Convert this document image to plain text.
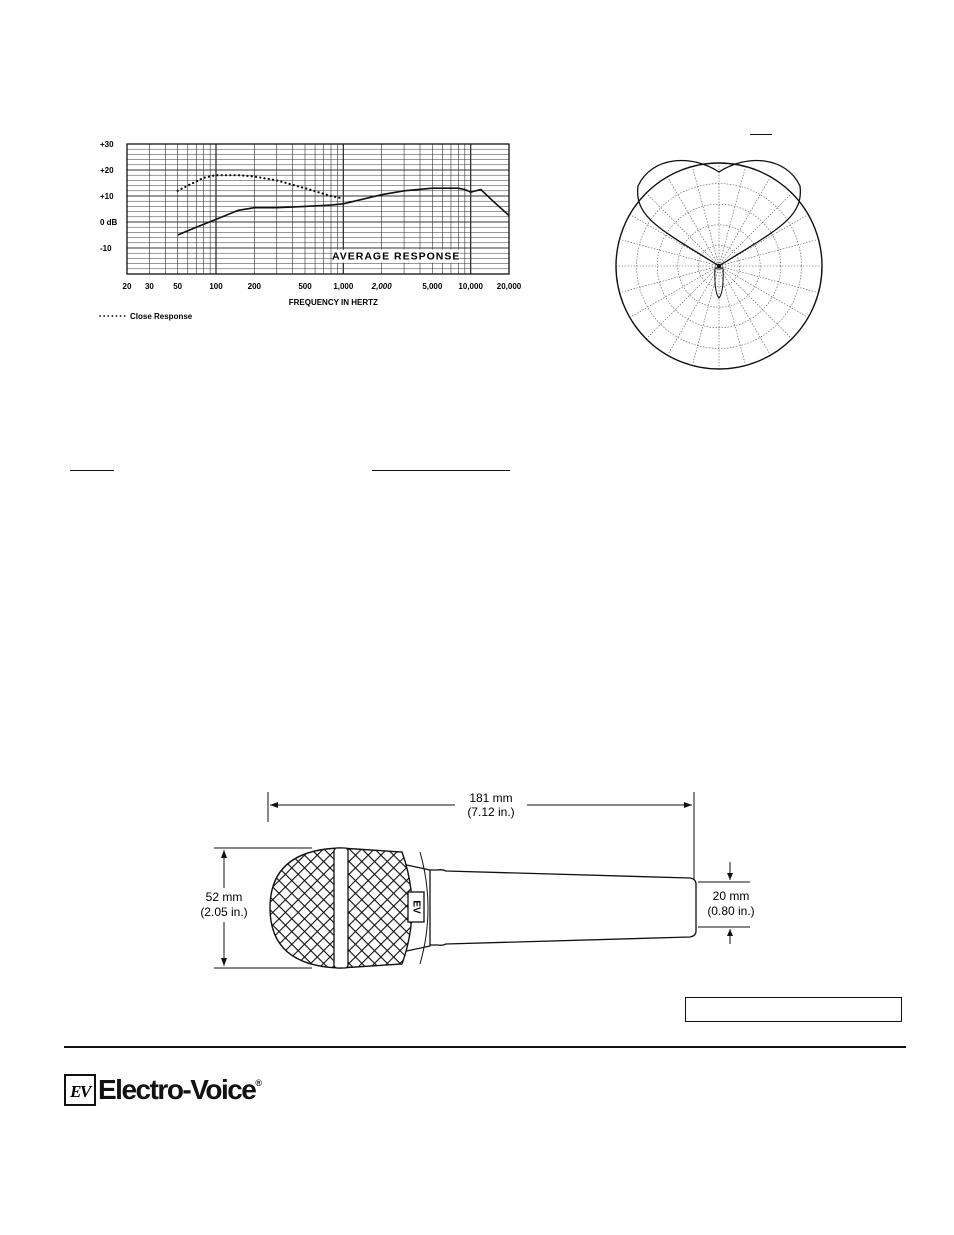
+30
+20
+10
0 dB
-10
20 30 50	100	200	500	1,000 2,000	5,000 10,000 20,000
AVERAGE RESPONSE
FREQUENCY IN HERTZ
Close Response
181 mm
(7.12 in.)
52 mm
(2.05 in.)	EV
20 mm
(0.80 in.)
EV Electro-Voice®
